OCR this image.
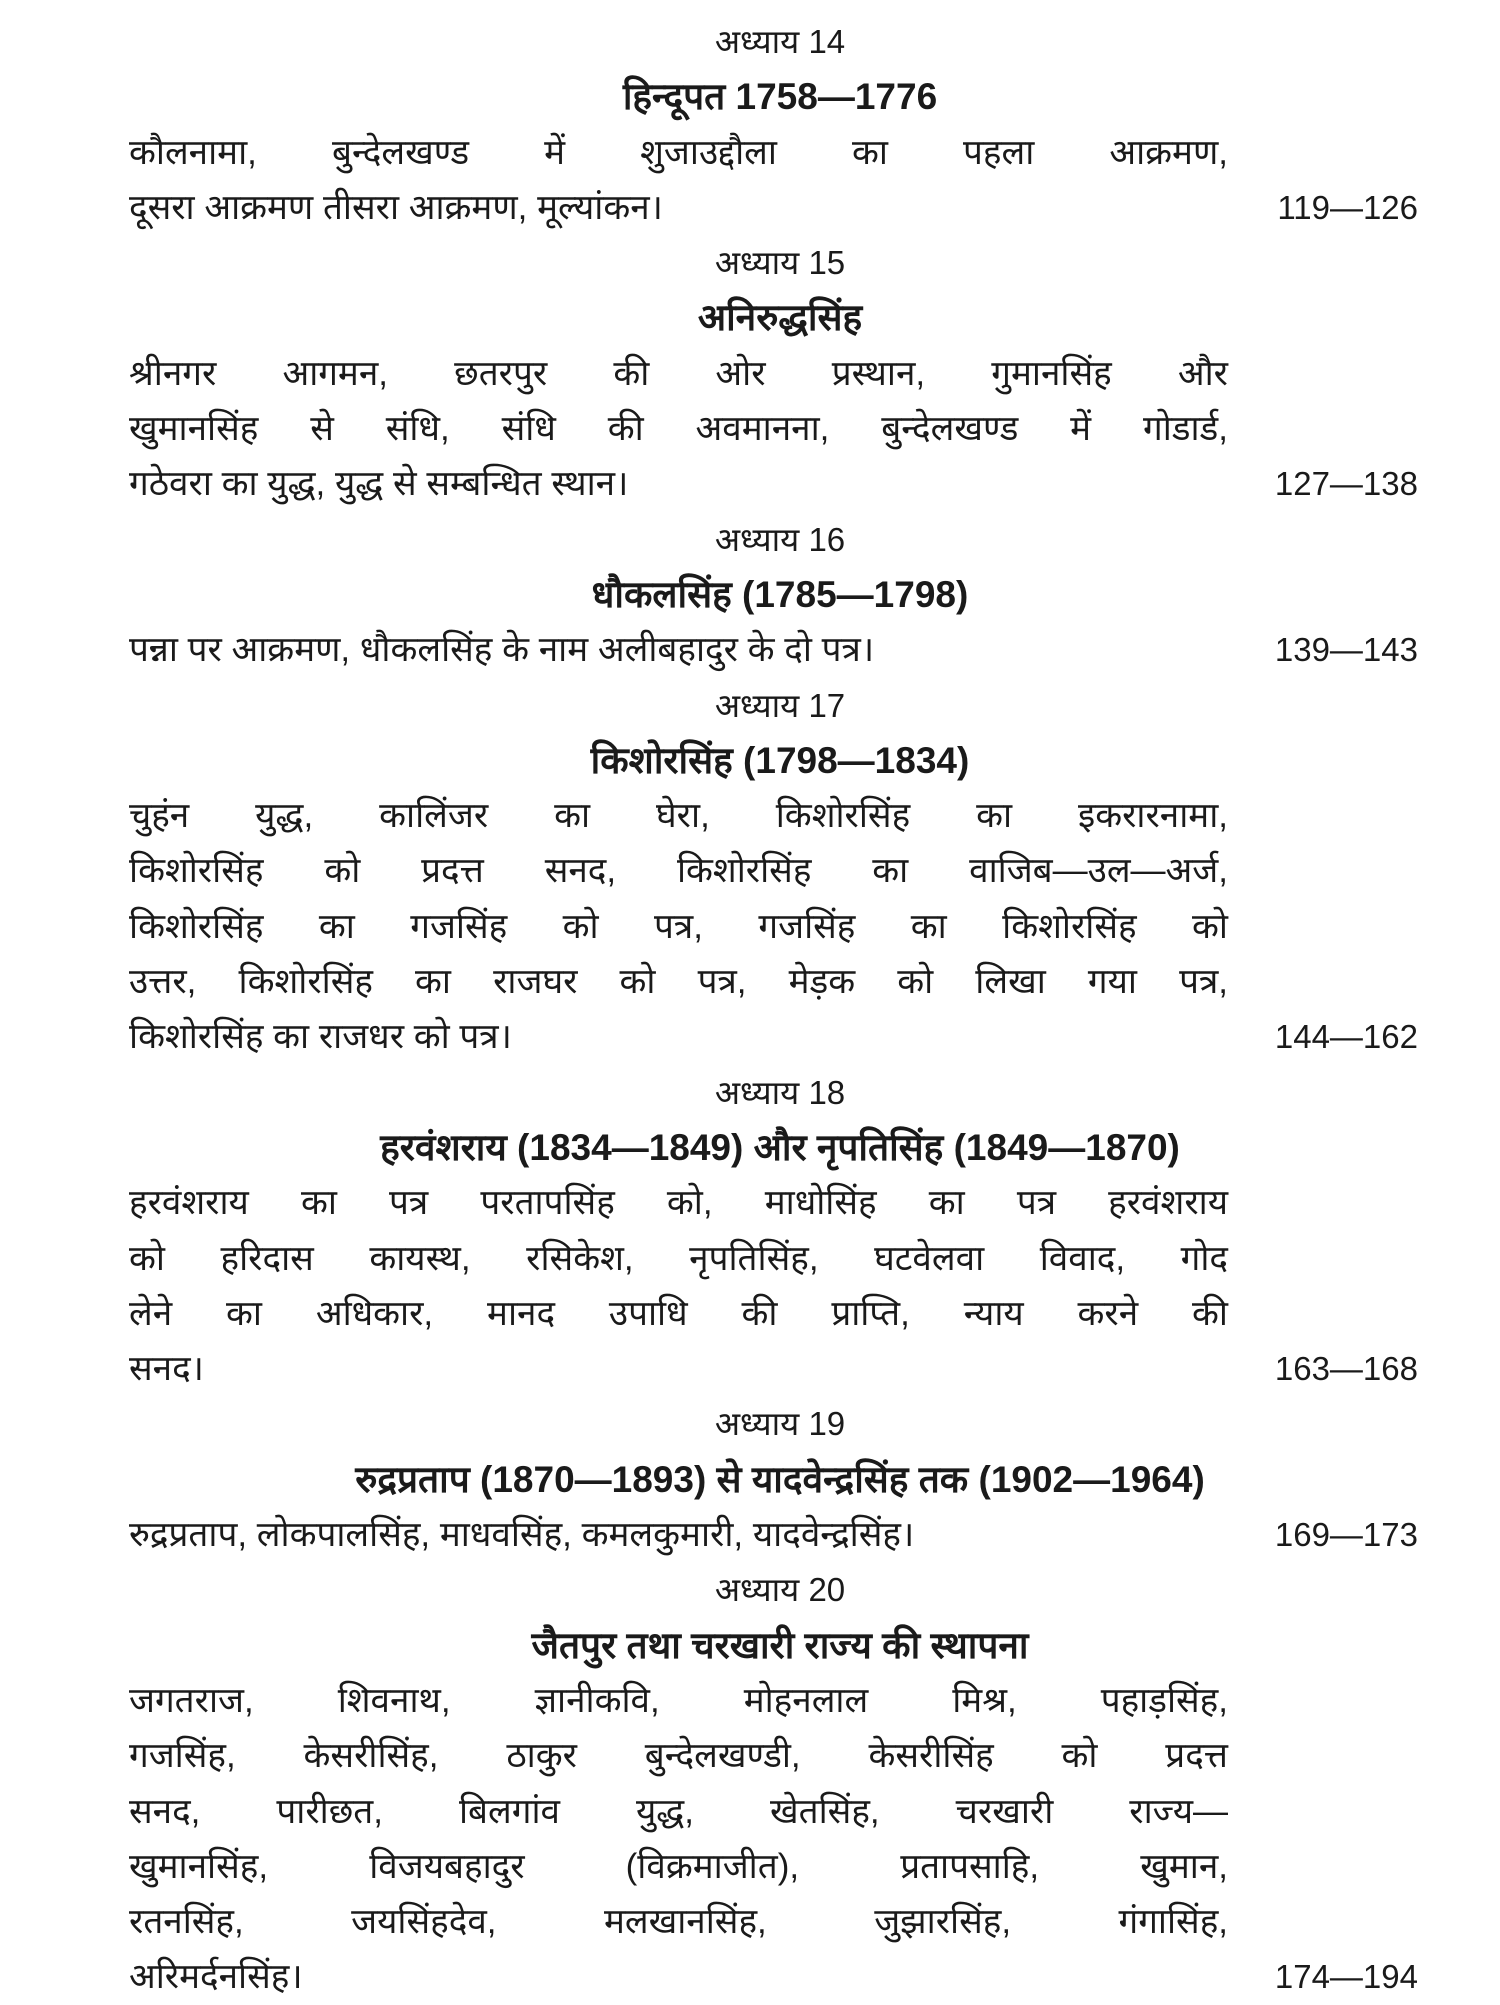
अध्याय 14
हिन्दूपत 1758—1776
कौलनामा, बुन्देलखण्ड में शुजाउद्दौला का पहला आक्रमण,
दूसरा आक्रमण तीसरा आक्रमण, मूल्यांकन।	119—126
अध्याय 15
अनिरुद्धसिंह
श्रीनगर आगमन, छतरपुर की ओर प्रस्थान, गुमानसिंह और
खुमानसिंह से संधि, संधि की अवमानना, बुन्देलखण्ड में गोडार्ड,
गठेवरा का युद्ध, युद्ध से सम्बन्धित स्थान।	127—138
अध्याय 16
धौकलसिंह (1785—1798)
पन्ना पर आक्रमण, धौकलसिंह के नाम अलीबहादुर के दो पत्र।	139—143
अध्याय 17
किशोरसिंह (1798—1834)
चुहंन युद्ध, कालिंजर का घेरा, किशोरसिंह का इकरारनामा,
किशोरसिंह को प्रदत्त सनद, किशोरसिंह का वाजिब—उल—अर्ज,
किशोरसिंह का गजसिंह को पत्र, गजसिंह का किशोरसिंह को
उत्तर, किशोरसिंह का राजघर को पत्र, मेड़क को लिखा गया पत्र,
किशोरसिंह का राजधर को पत्र।	144—162
अध्याय 18
हरवंशराय (1834—1849) और नृपतिसिंह (1849—1870)
हरवंशराय का पत्र परतापसिंह को, माधोसिंह का पत्र हरवंशराय
को हरिदास कायस्थ, रसिकेश, नृपतिसिंह, घटवेलवा विवाद, गोद
लेने का अधिकार, मानद उपाधि की प्राप्ति, न्याय करने की
सनद।	163—168
अध्याय 19
रुद्रप्रताप (1870—1893) से यादवेन्द्रसिंह तक (1902—1964)
रुद्रप्रताप, लोकपालसिंह, माधवसिंह, कमलकुमारी, यादवेन्द्रसिंह।	169—173
अध्याय 20
जैतपुर तथा चरखारी राज्य की स्थापना
जगतराज, शिवनाथ, ज्ञानीकवि, मोहनलाल मिश्र, पहाड़सिंह,
गजसिंह, केसरीसिंह, ठाकुर बुन्देलखण्डी, केसरीसिंह को प्रदत्त
सनद, पारीछत, बिलगांव युद्ध, खेतसिंह, चरखारी राज्य—
खुमानसिंह, विजयबहादुर (विक्रमाजीत), प्रतापसाहि, खुमान,
रतनसिंह, जयसिंहदेव, मलखानसिंह, जुझारसिंह, गंगासिंह,
अरिमर्दनसिंह।	174—194
